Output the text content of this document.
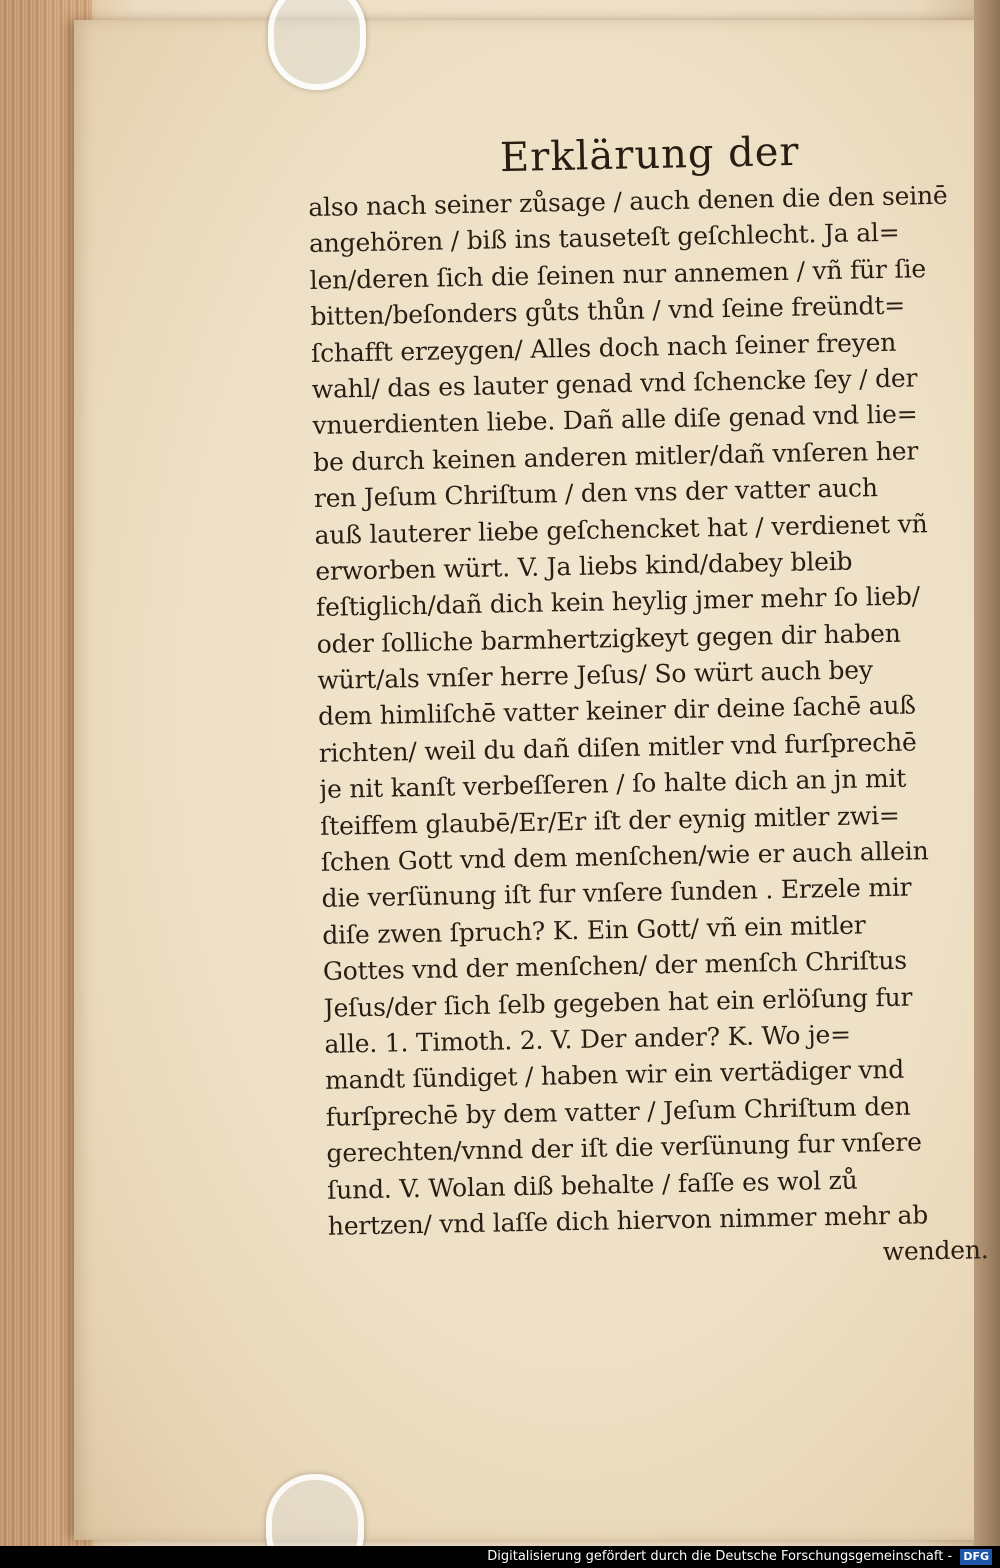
Erklärung der
also nach seiner zůsage / auch denen die den seinē
angehören / biß ins tauseteſt geſchlecht. Ja al=
len/deren ſich die ſeinen nur annemen / vñ für ſie
bitten/beſonders gůts thůn / vnd ſeine freündt=
ſchafft erzeygen/ Alles doch nach ſeiner freyen
wahl/ das es lauter genad vnd ſchencke ſey / der
vnuerdienten liebe. Dañ alle diſe genad vnd lie=
be durch keinen anderen mitler/dañ vnſeren her
ren Jeſum Chriſtum / den vns der vatter auch
auß lauterer liebe geſchencket hat / verdienet vñ
erworben würt. V. Ja liebs kind/dabey bleib
feſtiglich/dañ dich kein heylig jmer mehr ſo lieb/
oder ſolliche barmhertzigkeyt gegen dir haben
würt/als vnſer herre Jeſus/ So würt auch bey
dem himliſchē vatter keiner dir deine ſachē auß
richten/ weil du dañ diſen mitler vnd furſprechē
je nit kanſt verbeſſeren / ſo halte dich an jn mit
ſteiffem glaubē/Er/Er iſt der eynig mitler zwi=
ſchen Gott vnd dem menſchen/wie er auch allein
die verſünung iſt fur vnſere ſunden . Erzele mir
diſe zwen ſpruch? K. Ein Gott/ vñ ein mitler
Gottes vnd der menſchen/ der menſch Chriſtus
Jeſus/der ſich ſelb gegeben hat ein erlöſung fur
alle. 1. Timoth. 2. V. Der ander? K. Wo je=
mandt ſündiget / haben wir ein vertädiger vnd
furſprechē by dem vatter / Jeſum Chriſtum den
gerechten/vnnd der iſt die verſünung fur vnſere
ſund. V. Wolan diß behalte / faſſe es wol zů
hertzen/ vnd laſſe dich hiervon nimmer mehr ab
wenden.
Digitalisierung gefördert durch die Deutsche Forschungsgemeinschaft - DFG
